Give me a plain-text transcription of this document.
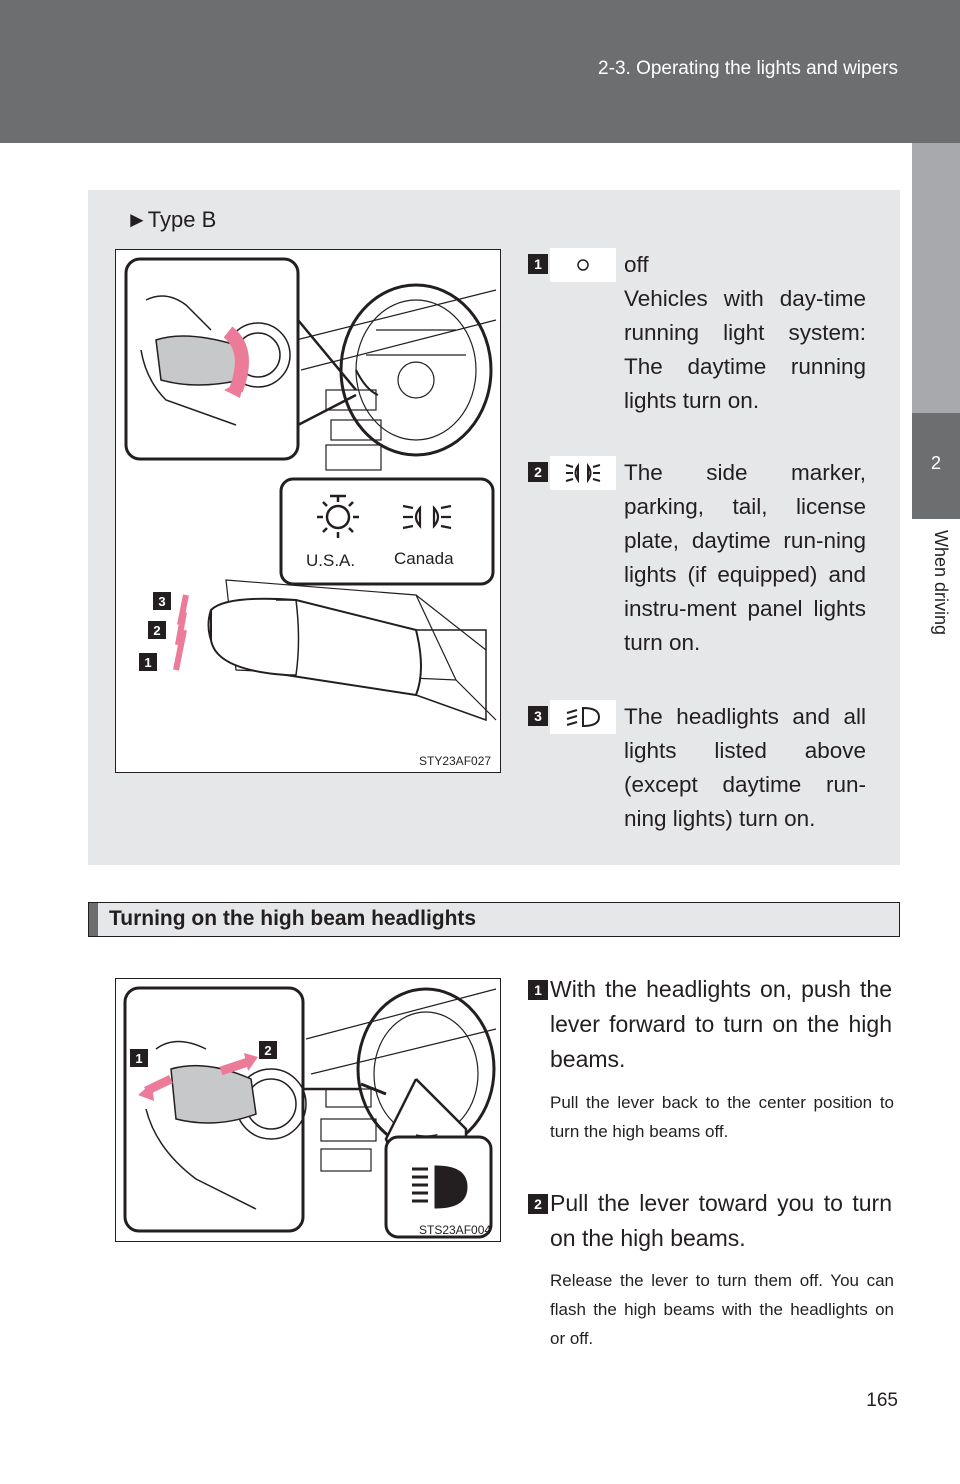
2-3. Operating the lights and wipers
2
When driving
►Type B
U.S.A. Canada
3
2
1
STY23AF027
1	off
Vehicles with day-time running light system: The daytime running lights turn on.
2	The side marker, parking, tail, license plate, daytime run-ning lights (if equipped) and instru-ment panel lights turn on.
3	The headlights and all lights listed above (except daytime run-ning lights) turn on.
Turning on the high beam headlights
1
2
STS23AF004
1 With the headlights on, push the lever forward to turn on the high beams.
Pull the lever back to the center position to turn the high beams off.
2 Pull the lever toward you to turn on the high beams.
Release the lever to turn them off. You can flash the high beams with the headlights on or off.
165
